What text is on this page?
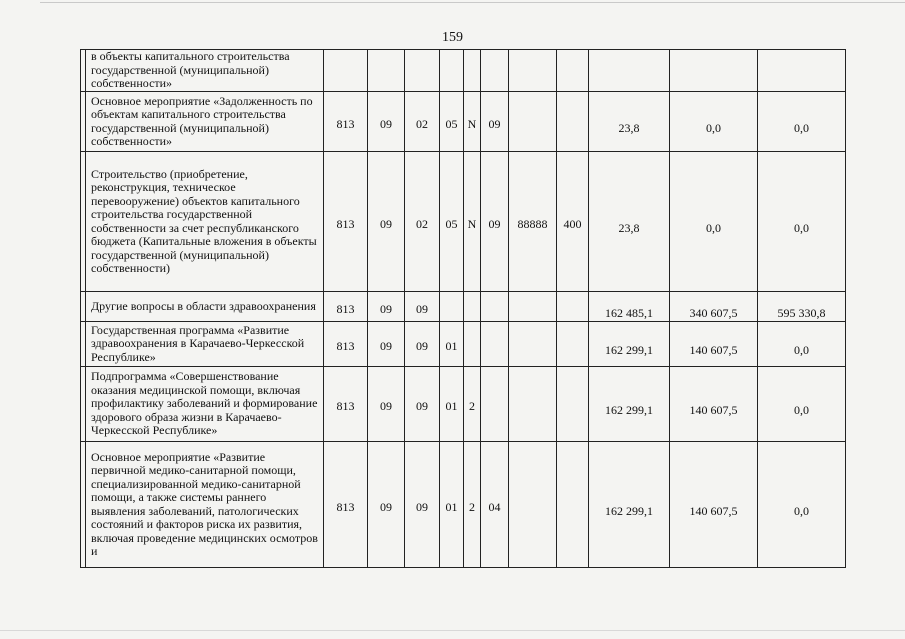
159

	в объекты капитального строительства государственной (муниципальной) собственности»											

	Основное мероприятие «Задолженность по объектам капитального строительства государственной (муниципальной) собственности»	813	09	02	05	N	09			23,8	0,0	0,0

	Строительство (приобретение, реконструкция, техническое перевооружение) объектов капитального строительства государственной собственности за счет республиканского бюджета (Капитальные вложения в объекты государственной (муниципальной) собственности)	813	09	02	05	N	09	88888	400	23,8	0,0	0,0

	Другие вопросы в области здравоохранения	813	09	09						162 485,1	340 607,5	595 330,8

	Государственная программа «Развитие здравоохранения в Карачаево-Черкесской Республике»	813	09	09	01					162 299,1	140 607,5	0,0

	Подпрограмма «Совершенствование оказания медицинской помощи, включая профилактику заболеваний и формирование здорового образа жизни в Карачаево-Черкесской Республике»	813	09	09	01	2				162 299,1	140 607,5	0,0

	Основное мероприятие «Развитие первичной медико-санитарной помощи, специализированной медико-санитарной помощи, а также системы раннего выявления заболеваний, патологических состояний и факторов риска их развития, включая проведение медицинских осмотров и	813	09	09	01	2	04			162 299,1	140 607,5	0,0
